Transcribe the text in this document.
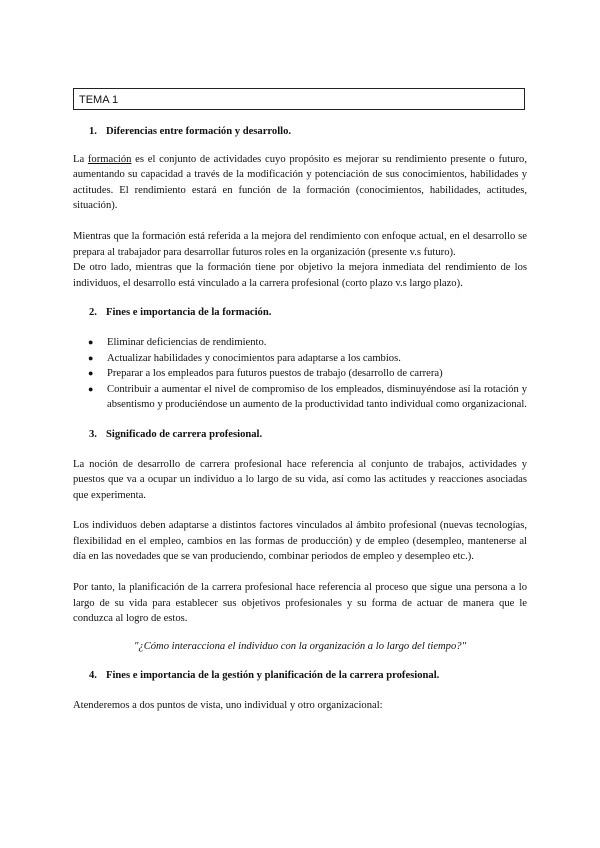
TEMA 1
1. Diferencias entre formación y desarrollo.

La formación es el conjunto de actividades cuyo propósito es mejorar su rendimiento presente o futuro, aumentando su capacidad a través de la modificación y potenciación de sus conocimientos, habilidades y actitudes. El rendimiento estará en función de la formación (conocimientos, habilidades, actitudes, situación).

Mientras que la formación está referida a la mejora del rendimiento con enfoque actual, en el desarrollo se prepara al trabajador para desarrollar futuros roles en la organización (presente v.s futuro).

De otro lado, mientras que la formación tiene por objetivo la mejora inmediata del rendimiento de los individuos, el desarrollo está vinculado a la carrera profesional (corto plazo v.s largo plazo).

2. Fines e importancia de la formación.
● Eliminar deficiencias de rendimiento.
● Actualizar habilidades y conocimientos para adaptarse a los cambios.
● Preparar a los empleados para futuros puestos de trabajo (desarrollo de carrera)
● Contribuir a aumentar el nivel de compromiso de los empleados, disminuyéndose así la rotación y absentismo y produciéndose un aumento de la productividad tanto individual como organizacional.
3. Significado de carrera profesional.

La noción de desarrollo de carrera profesional hace referencia al conjunto de trabajos, actividades y puestos que va a ocupar un individuo a lo largo de su vida, así como las actitudes y reacciones asociadas que experimenta.

Los individuos deben adaptarse a distintos factores vinculados al ámbito profesional (nuevas tecnologías, flexibilidad en el empleo, cambios en las formas de producción) y de empleo (desempleo, mantenerse al día en las novedades que se van produciendo, combinar periodos de empleo y desempleo etc.).

Por tanto, la planificación de la carrera profesional hace referencia al proceso que sigue una persona a lo largo de su vida para establecer sus objetivos profesionales y su forma de actuar de manera que le conduzca al logro de estos.

"¿Cómo interacciona el individuo con la organización a lo largo del tiempo?"

4. Fines e importancia de la gestión y planificación de la carrera profesional.

Atenderemos a dos puntos de vista, uno individual y otro organizacional:
